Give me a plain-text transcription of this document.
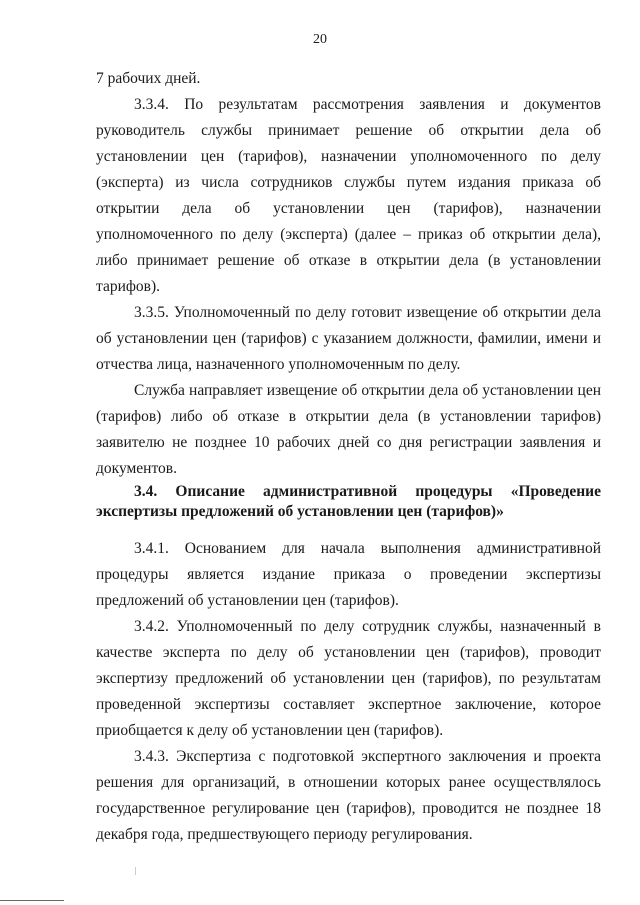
20

7 рабочих дней.

3.3.4. По результатам рассмотрения заявления и документов руководитель службы принимает решение об открытии дела об установлении цен (тарифов), назначении уполномоченного по делу (эксперта) из числа сотрудников службы путем издания приказа об открытии дела об установлении цен (тарифов), назначении уполномоченного по делу (эксперта) (далее – приказ об открытии дела), либо принимает решение об отказе в открытии дела (в установлении тарифов).

3.3.5. Уполномоченный по делу готовит извещение об открытии дела об установлении цен (тарифов) с указанием должности, фамилии, имени и отчества лица, назначенного уполномоченным по делу.

Служба направляет извещение об открытии дела об установлении цен (тарифов) либо об отказе в открытии дела (в установлении тарифов) заявителю не позднее 10 рабочих дней со дня регистрации заявления и документов.

3.4. Описание административной процедуры «Проведение экспертизы предложений об установлении цен (тарифов)»

3.4.1. Основанием для начала выполнения административной процедуры является издание приказа о проведении экспертизы предложений об установлении цен (тарифов).

3.4.2. Уполномоченный по делу сотрудник службы, назначенный в качестве эксперта по делу об установлении цен (тарифов), проводит экспертизу предложений об установлении цен (тарифов), по результатам проведенной экспертизы составляет экспертное заключение, которое приобщается к делу об установлении цен (тарифов).

3.4.3. Экспертиза с подготовкой экспертного заключения и проекта решения для организаций, в отношении которых ранее осуществлялось государственное регулирование цен (тарифов), проводится не позднее 18 декабря года, предшествующего периоду регулирования.
